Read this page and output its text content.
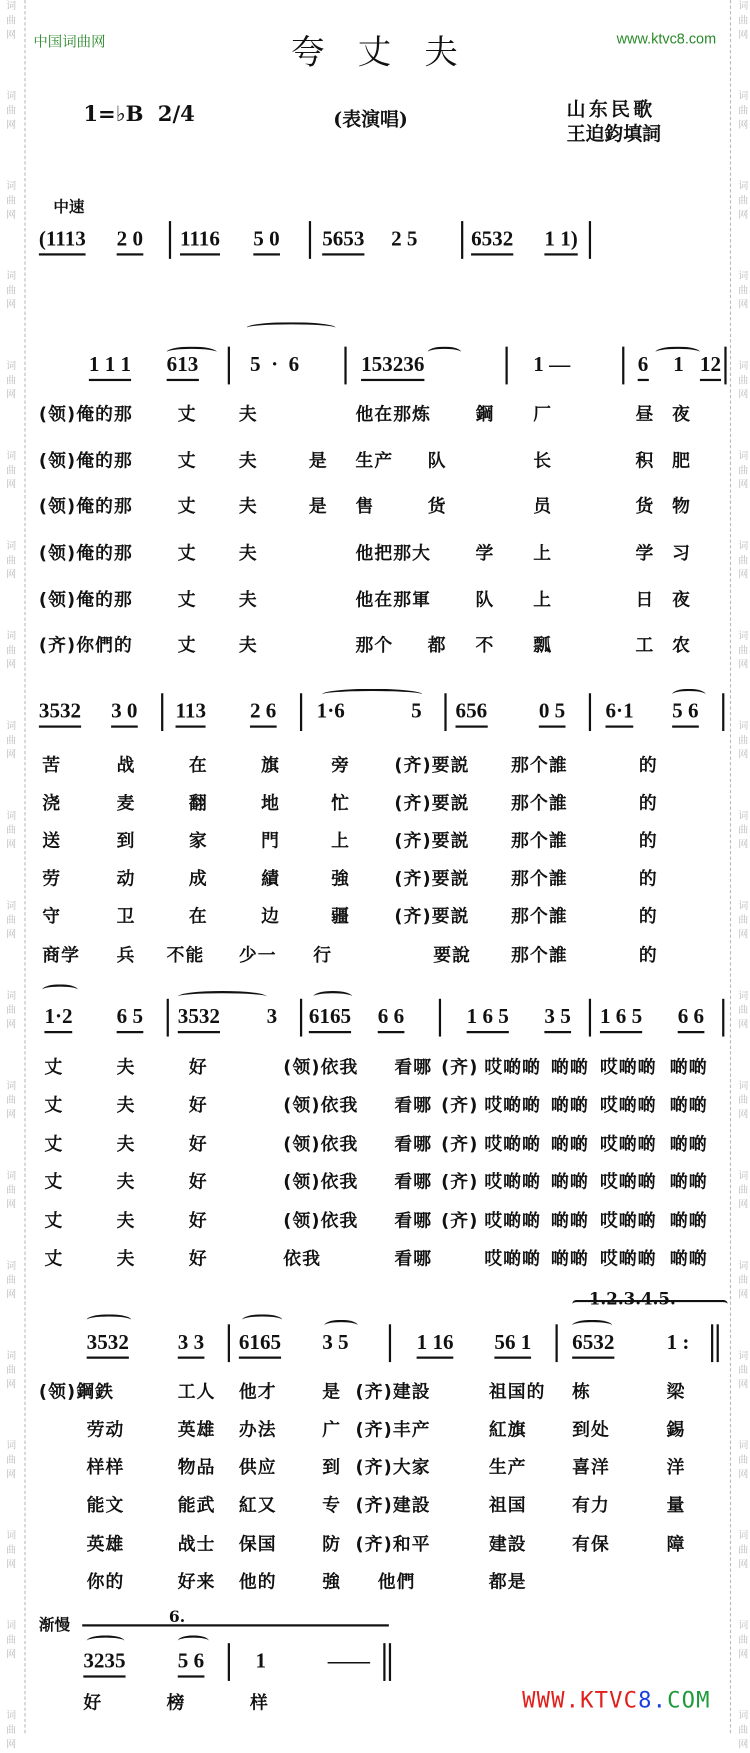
词
曲
网
词
曲
网
词
曲
网
词
曲
网
词
曲
网
词
曲
网
词
曲
网
词
曲
网
词
曲
网
词
曲
网
词
曲
网
词
曲
网
词
曲
网
词
曲
网
词
曲
网
词
曲
网
词
曲
网
词
曲
网
词
曲
网
词
曲
网
词
曲
网
词
曲
网
词
曲
网
词
曲
网
词
曲
网
词
曲
网
词
曲
网
词
曲
网
词
曲
网
词
曲
网
词
曲
网
词
曲
网
词
曲
网
词
曲
网
词
曲
网
词
曲
网
词
曲
网
词
曲
网
词
曲
网
词
曲
网
中国词曲网	www.ktvc8.com
夸丈夫
1=♭B 2/4	(表演唱)	山东民歌
王迫鈞填詞
中速
(1113 2 0 1116 5 0 5653 2 5	6532 1 1)
1 1 1 613	5  ·  6	153236	1 —	6 1 12
(领)俺的那	丈	夫	他在那炼	鋼 厂	昼 夜
(领)俺的那	丈	夫	是 生产 队	长	积 肥
(领)俺的那	丈	夫	是 售	货	员	货 物
(领)俺的那	丈	夫	他把那大	学 上	学 习
(领)俺的那	丈	夫	他在那軍	队 上	日 夜
(齐)你們的	丈	夫	那个 都 不 瓢	工 农
3532 3 0 113 2 6 1·6	5 656	0 5 6·1 5 6
苦	战	在	旗	旁	(齐)要説	那个誰	的
浇	麦	翻	地	忙	(齐)要説	那个誰	的
送	到	家	門	上	(齐)要説	那个誰	的
劳	动	成	績	強	(齐)要説	那个誰	的
守	卫	在	边	疆	(齐)要説	那个誰	的
商学 兵 不能 少一 行	要說 那个誰	的
1·2 6 5 3532 3 6165 6 6	1 6 5 3 5 1 6 5 6 6
丈	夫	好	(领)依我 看哪 (齐) 哎啲啲 啲啲 哎啲啲 啲啲
丈	夫	好	(领)依我 看哪 (齐) 哎啲啲 啲啲 哎啲啲 啲啲
丈	夫	好	(领)依我 看哪 (齐) 哎啲啲 啲啲 哎啲啲 啲啲
丈	夫	好	(领)依我 看哪 (齐) 哎啲啲 啲啲 哎啲啲 啲啲
丈	夫	好	(领)依我 看哪 (齐) 哎啲啲 啲啲 哎啲啲 啲啲
丈	夫	好	依我	看哪	哎啲啲 啲啲 哎啲啲 啲啲
3532	3 3 6165 3 5	1 16 56 1 6532	1 :
(领)鋼鉄	工人 他才	是 (齐)建設	祖国的 栋	梁
劳动	英雄 办法	广 (齐)丰产	紅旗	到处	錫
样样	物品 供应	到 (齐)大家	生产	喜洋	洋
能文	能武 紅又	专 (齐)建設	祖国	有力	量
英雄	战士 保国	防 (齐)和平	建設	有保	障
你的	好来 他的	強 他們	都是
1.2.3.4.5.
3235	5 6	1	——
好	榜	样
渐慢	6.
WWW.KTVC8.COM
